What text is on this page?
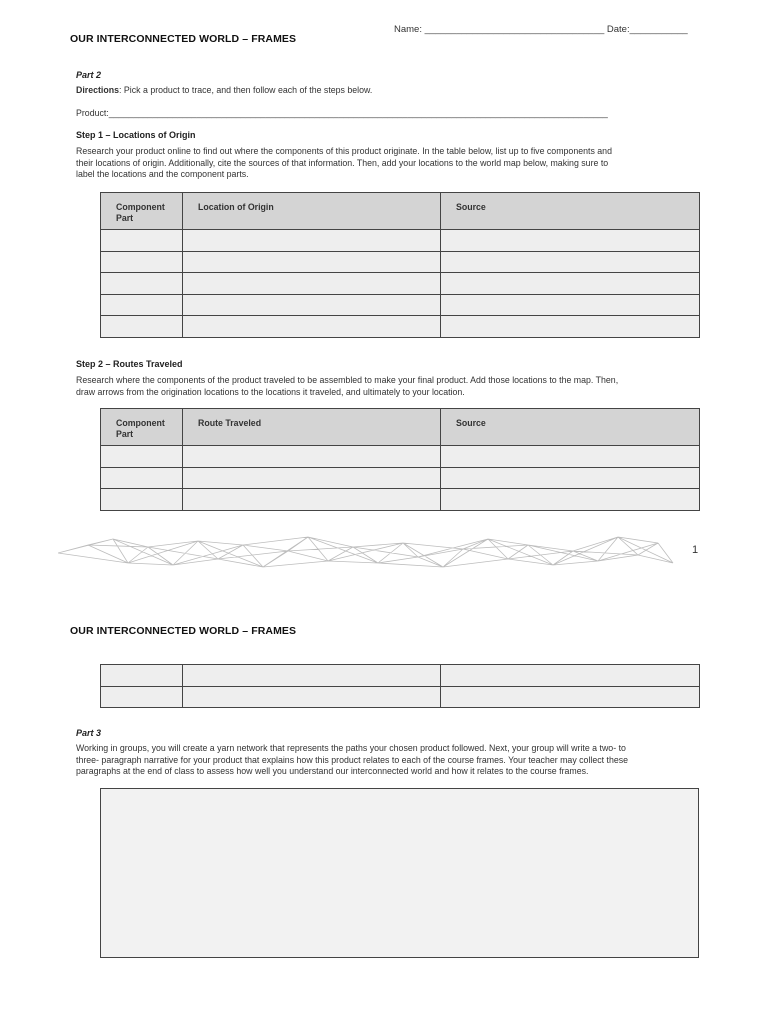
Name: __________________________________ Date:___________
OUR INTERCONNECTED WORLD – FRAMES
Part 2
Directions: Pick a product to trace, and then follow each of the steps below.
Product:______________________________________________________________________________________________________
Step 1 – Locations of Origin
Research your product online to find out where the components of this product originate. In the table below, list up to five components and
their locations of origin. Additionally, cite the sources of that information. Then, add your locations to the world map below, making sure to
label the locations and the component parts.
Component Part	Location of Origin	Source

Step 2 – Routes Traveled
Research where the components of the product traveled to be assembled to make your final product. Add those locations to the map. Then,
draw arrows from the origination locations to the locations it traveled, and ultimately to your location.
Component Part	Route Traveled	Source

1
OUR INTERCONNECTED WORLD – FRAMES

Part 3
Working in groups, you will create a yarn network that represents the paths your chosen product followed. Next, your group will write a two- to
three- paragraph narrative for your product that explains how this product relates to each of the course frames. Your teacher may collect these
paragraphs at the end of class to assess how well you understand our interconnected world and how it relates to the course frames.
